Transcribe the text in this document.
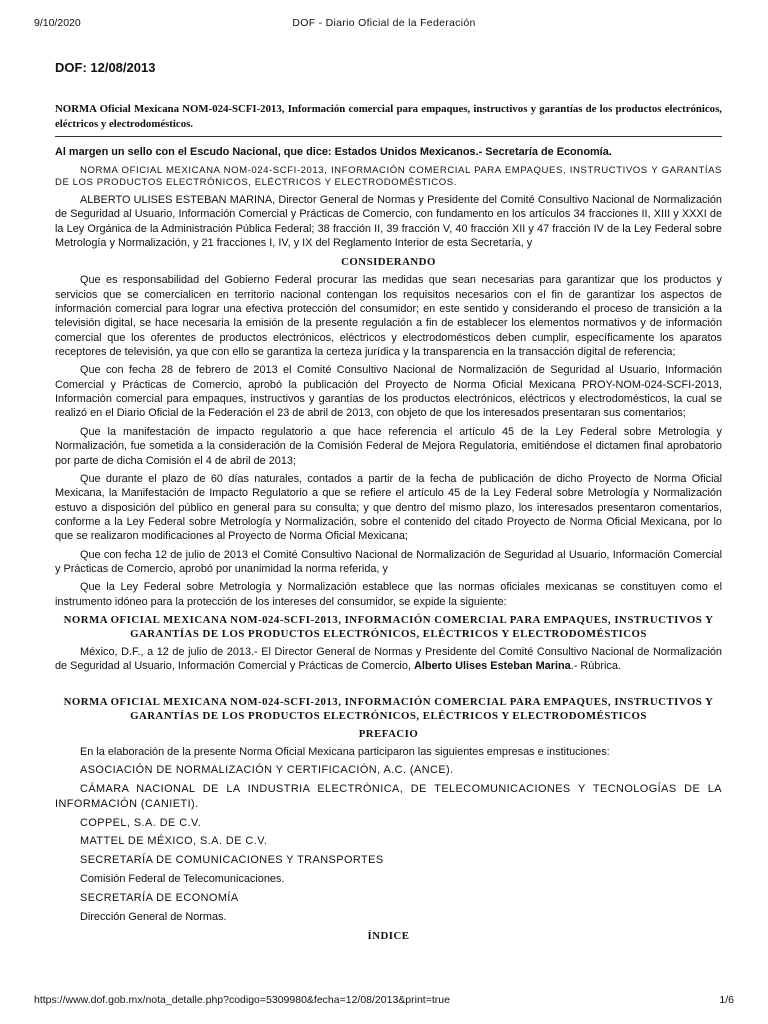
9/10/2020	DOF - Diario Oficial de la Federación
DOF: 12/08/2013
NORMA Oficial Mexicana NOM-024-SCFI-2013, Información comercial para empaques, instructivos y garantías de los productos electrónicos, eléctricos y electrodomésticos.
Al margen un sello con el Escudo Nacional, que dice: Estados Unidos Mexicanos.- Secretaría de Economía.
NORMA OFICIAL MEXICANA NOM-024-SCFI-2013, INFORMACIÓN COMERCIAL PARA EMPAQUES, INSTRUCTIVOS Y GARANTÍAS DE LOS PRODUCTOS ELECTRÓNICOS, ELÉCTRICOS Y ELECTRODOMÉSTICOS.
ALBERTO ULISES ESTEBAN MARINA, Director General de Normas y Presidente del Comité Consultivo Nacional de Normalización de Seguridad al Usuario, Información Comercial y Prácticas de Comercio, con fundamento en los artículos 34 fracciones II, XIII y XXXI de la Ley Orgánica de la Administración Pública Federal; 38 fracción II, 39 fracción V, 40 fracción XII y 47 fracción IV de la Ley Federal sobre Metrología y Normalización, y 21 fracciones I, IV, y IX del Reglamento Interior de esta Secretaría, y
CONSIDERANDO
Que es responsabilidad del Gobierno Federal procurar las medidas que sean necesarias para garantizar que los productos y servicios que se comercialicen en territorio nacional contengan los requisitos necesarios con el fin de garantizar los aspectos de información comercial para lograr una efectiva protección del consumidor; en este sentido y considerando el proceso de transición a la televisión digital, se hace necesaria la emisión de la presente regulación a fin de establecer los elementos normativos y de información comercial que los oferentes de productos electrónicos, eléctricos y electrodomésticos deben cumplir, específicamente los aparatos receptores de televisión, ya que con ello se garantiza la certeza jurídica y la transparencia en la transacción digital de referencia;
Que con fecha 28 de febrero de 2013 el Comité Consultivo Nacional de Normalización de Seguridad al Usuario, Información Comercial y Prácticas de Comercio, aprobó la publicación del Proyecto de Norma Oficial Mexicana PROY-NOM-024-SCFI-2013, Información comercial para empaques, instructivos y garantías de los productos electrónicos, eléctricos y electrodomésticos, la cual se realizó en el Diario Oficial de la Federación el 23 de abril de 2013, con objeto de que los interesados presentaran sus comentarios;
Que la manifestación de impacto regulatorio a que hace referencia el artículo 45 de la Ley Federal sobre Metrología y Normalización, fue sometida a la consideración de la Comisión Federal de Mejora Regulatoria, emitiéndose el dictamen final aprobatorio por parte de dicha Comisión el 4 de abril de 2013;
Que durante el plazo de 60 días naturales, contados a partir de la fecha de publicación de dicho Proyecto de Norma Oficial Mexicana, la Manifestación de Impacto Regulatorio a que se refiere el artículo 45 de la Ley Federal sobre Metrología y Normalización estuvo a disposición del público en general para su consulta; y que dentro del mismo plazo, los interesados presentaron comentarios, conforme a la Ley Federal sobre Metrología y Normalización, sobre el contenido del citado Proyecto de Norma Oficial Mexicana, por lo que se realizaron modificaciones al Proyecto de Norma Oficial Mexicana;
Que con fecha 12 de julio de 2013 el Comité Consultivo Nacional de Normalización de Seguridad al Usuario, Información Comercial y Prácticas de Comercio, aprobó por unanimidad la norma referida, y
Que la Ley Federal sobre Metrología y Normalización establece que las normas oficiales mexicanas se constituyen como el instrumento idóneo para la protección de los intereses del consumidor, se expide la siguiente:
NORMA OFICIAL MEXICANA NOM-024-SCFI-2013, INFORMACIÓN COMERCIAL PARA EMPAQUES, INSTRUCTIVOS Y GARANTÍAS DE LOS PRODUCTOS ELECTRÓNICOS, ELÉCTRICOS Y ELECTRODOMÉSTICOS
México, D.F., a 12 de julio de 2013.- El Director General de Normas y Presidente del Comité Consultivo Nacional de Normalización de Seguridad al Usuario, Información Comercial y Prácticas de Comercio, Alberto Ulises Esteban Marina.- Rúbrica.
NORMA OFICIAL MEXICANA NOM-024-SCFI-2013, INFORMACIÓN COMERCIAL PARA EMPAQUES, INSTRUCTIVOS Y GARANTÍAS DE LOS PRODUCTOS ELECTRÓNICOS, ELÉCTRICOS Y ELECTRODOMÉSTICOS
PREFACIO
En la elaboración de la presente Norma Oficial Mexicana participaron las siguientes empresas e instituciones:
ASOCIACIÓN DE NORMALIZACIÓN Y CERTIFICACIÓN, A.C. (ANCE).
CÁMARA NACIONAL DE LA INDUSTRIA ELECTRÓNICA, DE TELECOMUNICACIONES Y TECNOLOGÍAS DE LA INFORMACIÓN (CANIETI).
COPPEL, S.A. DE C.V.
MATTEL DE MÉXICO, S.A. DE C.V.
SECRETARÍA DE COMUNICACIONES Y TRANSPORTES
Comisión Federal de Telecomunicaciones.
SECRETARÍA DE ECONOMÍA
Dirección General de Normas.
ÍNDICE
https://www.dof.gob.mx/nota_detalle.php?codigo=5309980&fecha=12/08/2013&print=true	1/6
